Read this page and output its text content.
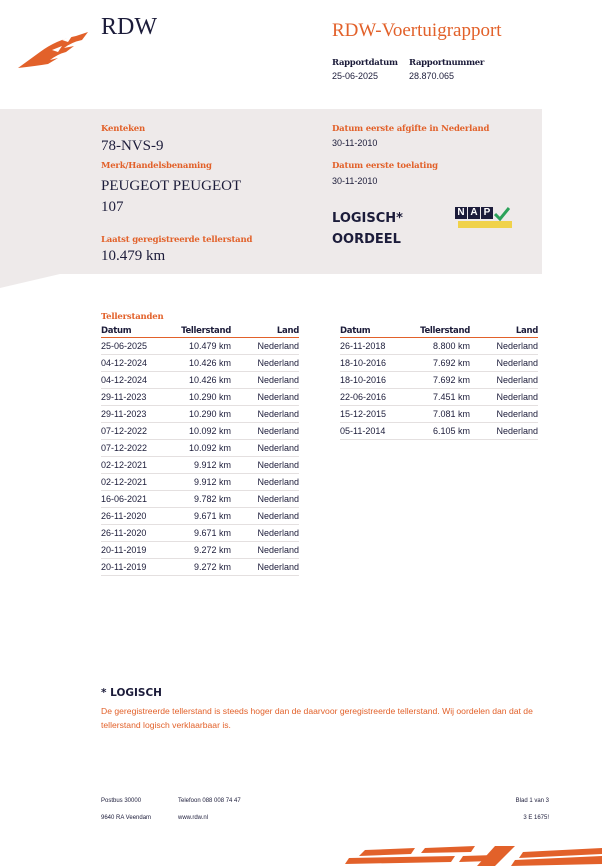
RDW	RDW-Voertuigrapport
Rapportdatum
25-06-2025
Rapportnummer
28.870.065
Kenteken
78-NVS-9
Merk/Handelsbenaming
PEUGEOT PEUGEOT
107
Laatst geregistreerde tellerstand
10.479 km
Datum eerste afgifte in Nederland
30-11-2010
Datum eerste toelating
30-11-2010
LOGISCH*
OORDEEL
N A P
Tellerstanden
Datum	Tellerstand	Land
25-06-2025	10.479 km	Nederland
04-12-2024	10.426 km	Nederland
04-12-2024	10.426 km	Nederland
29-11-2023	10.290 km	Nederland
29-11-2023	10.290 km	Nederland
07-12-2022	10.092 km	Nederland
07-12-2022	10.092 km	Nederland
02-12-2021	9.912 km	Nederland
02-12-2021	9.912 km	Nederland
16-06-2021	9.782 km	Nederland
26-11-2020	9.671 km	Nederland
26-11-2020	9.671 km	Nederland
20-11-2019	9.272 km	Nederland
20-11-2019	9.272 km	Nederland
Datum	Tellerstand	Land
26-11-2018	8.800 km	Nederland
18-10-2016	7.692 km	Nederland
18-10-2016	7.692 km	Nederland
22-06-2016	7.451 km	Nederland
15-12-2015	7.081 km	Nederland
05-11-2014	6.105 km	Nederland
* LOGISCH
De geregistreerde tellerstand is steeds hoger dan de daarvoor geregistreerde tellerstand. Wij oordelen dan dat de tellerstand logisch verklaarbaar is.
Postbus 30000
9640 RA Veendam
Telefoon 088 008 74 47
www.rdw.nl
Blad 1 van 3
3 E 1675!
